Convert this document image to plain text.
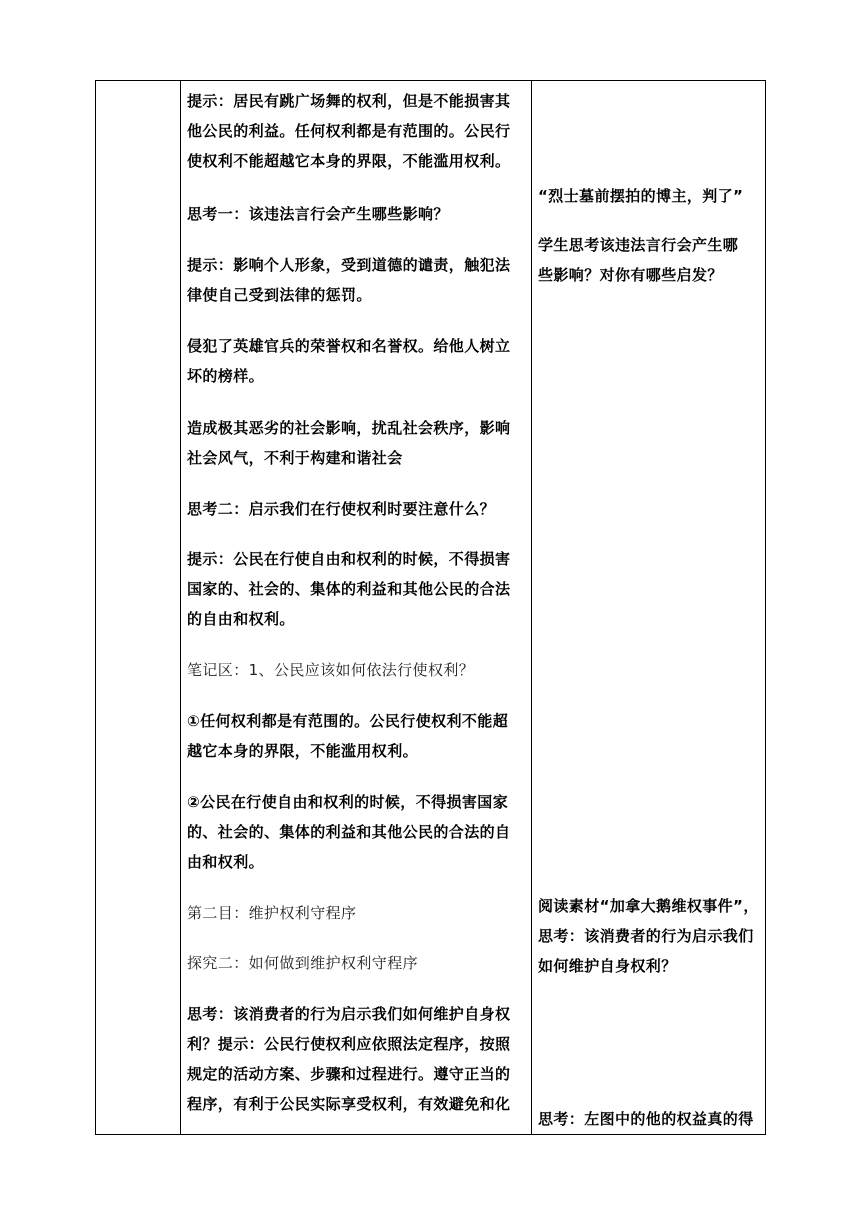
提示：居民有跳广场舞的权利，但是不能损害其
他公民的利益。任何权利都是有范围的。公民行
使权利不能超越它本身的界限，不能滥用权利。
思考一：该违法言行会产生哪些影响？
提示：影响个人形象，受到道德的谴责，触犯法
律使自己受到法律的惩罚。
侵犯了英雄官兵的荣誉权和名誉权。给他人树立
坏的榜样。
造成极其恶劣的社会影响，扰乱社会秩序，影响
社会风气，不利于构建和谐社会
思考二：启示我们在行使权利时要注意什么？
提示：公民在行使自由和权利的时候，不得损害
国家的、社会的、集体的利益和其他公民的合法
的自由和权利。
笔记区：1、公民应该如何依法行使权利？
①任何权利都是有范围的。公民行使权利不能超
越它本身的界限，不能滥用权利。
②公民在行使自由和权利的时候，不得损害国家
的、社会的、集体的利益和其他公民的合法的自
由和权利。
第二目：维护权利守程序
探究二：如何做到维护权利守程序
思考：该消费者的行为启示我们如何维护自身权
利？提示：公民行使权利应依照法定程序，按照
规定的活动方案、步骤和过程进行。遵守正当的
程序，有利于公民实际享受权利，有效避免和化
“烈士墓前摆拍的博主，判了”
学生思考该违法言行会产生哪
些影响？对你有哪些启发？
阅读素材“加拿大鹅维权事件”，
思考：该消费者的行为启示我们
如何维护自身权利？
思考：左图中的他的权益真的得
